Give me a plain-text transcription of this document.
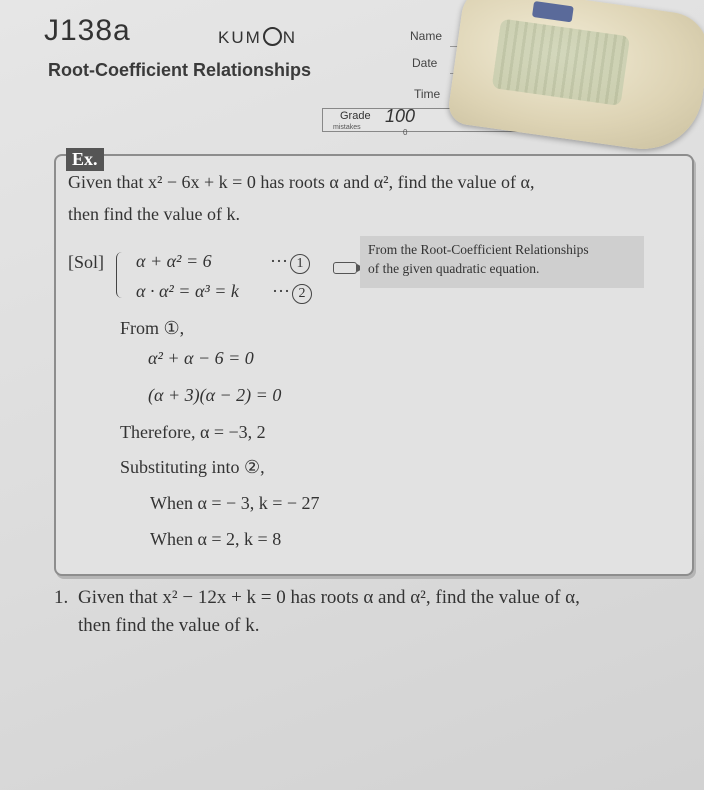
J138a	KUM N
Root-Coefficient Relationships
Name
Date
Time
Grade 100
mistakes
0
Ex.
Given that x² − 6x + k = 0 has roots α and α², find the value of α,
then find the value of k.
[Sol] α + α² = 6	··· 1
α · α² = α³ = k ··· 2
From the Root-Coefficient Relationships
of the given quadratic equation.
From ①,
α² + α − 6 = 0
(α + 3)(α − 2) = 0
Therefore, α = −3, 2
Substituting into ②,
When α = − 3, k = − 27
When α = 2, k = 8
1. Given that x² − 12x + k = 0 has roots α and α², find the value of α,
then find the value of k.
